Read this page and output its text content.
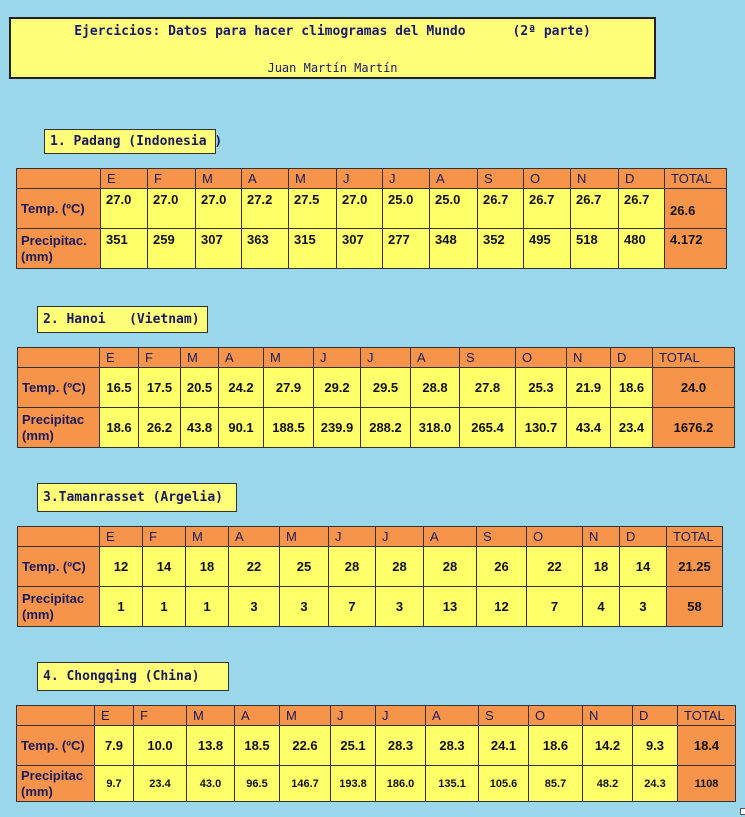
Ejercicios: Datos para hacer climogramas del Mundo      (2ª parte)
Juan Martín Martín
1. Padang (Indonesia )
	E	F	M	A	M	J	J	A	S	O	N	D	TOTAL
Temp. (ºC)	27.0	27.0	27.0	27.2	27.5	27.0	25.0	25.0	26.7	26.7	26.7	26.7	26.6
Precipitac. (mm)	351	259	307	363	315	307	277	348	352	495	518	480	4.172
2. Hanoi   (Vietnam)
	E	F	M	A	M	J	J	A	S	O	N	D	TOTAL
Temp. (ºC)	16.5	17.5	20.5	24.2	27.9	29.2	29.5	28.8	27.8	25.3	21.9	18.6	24.0
Precipitac (mm)	18.6	26.2	43.8	90.1	188.5	239.9	288.2	318.0	265.4	130.7	43.4	23.4	1676.2
3.Tamanrasset (Argelia)
	E	F	M	A	M	J	J	A	S	O	N	D	TOTAL
Temp. (ºC)	12	14	18	22	25	28	28	28	26	22	18	14	21.25
Precipitac (mm)	1	1	1	3	3	7	3	13	12	7	4	3	58
4. Chongqing (China)
	E	F	M	A	M	J	J	A	S	O	N	D	TOTAL
Temp. (ºC)	7.9	10.0	13.8	18.5	22.6	25.1	28.3	28.3	24.1	18.6	14.2	9.3	18.4
Precipitac (mm)	9.7	23.4	43.0	96.5	146.7	193.8	186.0	135.1	105.6	85.7	48.2	24.3	1108
